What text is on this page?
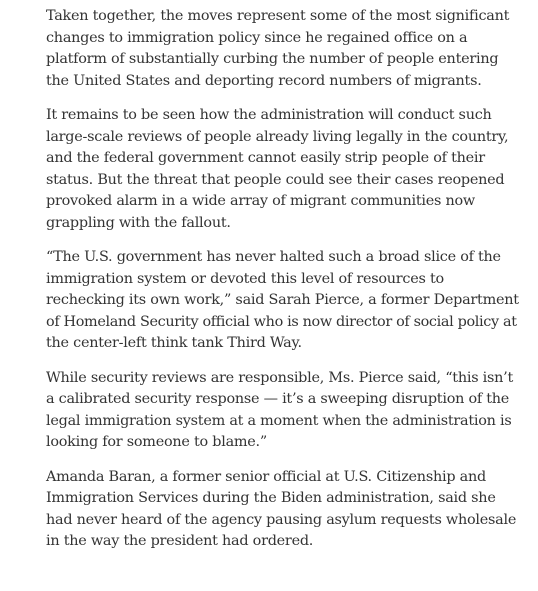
Taken together, the moves represent some of the most significant
changes to immigration policy since he regained office on a
platform of substantially curbing the number of people entering
the United States and deporting record numbers of migrants.

It remains to be seen how the administration will conduct such
large-scale reviews of people already living legally in the country,
and the federal government cannot easily strip people of their
status. But the threat that people could see their cases reopened
provoked alarm in a wide array of migrant communities now
grappling with the fallout.

“The U.S. government has never halted such a broad slice of the
immigration system or devoted this level of resources to
rechecking its own work,” said Sarah Pierce, a former Department
of Homeland Security official who is now director of social policy at
the center-left think tank Third Way.

While security reviews are responsible, Ms. Pierce said, “this isn’t
a calibrated security response — it’s a sweeping disruption of the
legal immigration system at a moment when the administration is
looking for someone to blame.”

Amanda Baran, a former senior official at U.S. Citizenship and
Immigration Services during the Biden administration, said she
had never heard of the agency pausing asylum requests wholesale
in the way the president had ordered.
